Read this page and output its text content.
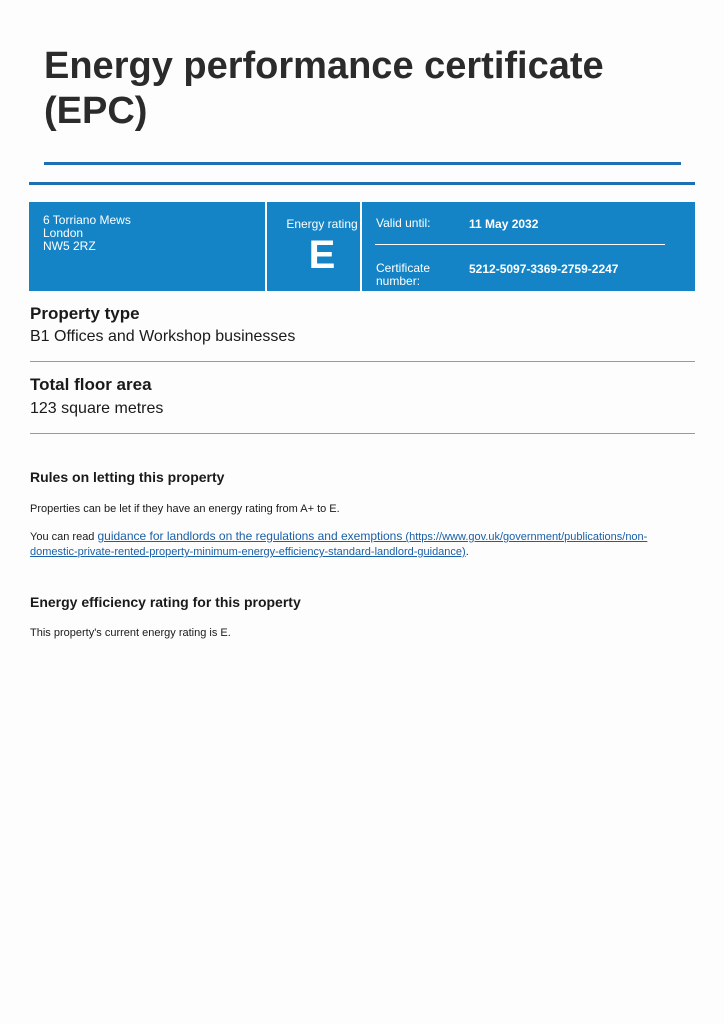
Energy performance certificate
(EPC)
6 Torriano Mews
London
NW5 2RZ
Energy rating
E
Valid until:	11 May 2032
Certificate
number:
5212-5097-3369-2759-2247
Property type

B1 Offices and Workshop businesses

Total floor area

123 square metres

Rules on letting this property

Properties can be let if they have an energy rating from A+ to E.

You can read guidance for landlords on the regulations and exemptions (https://www.gov.uk/government/publications/non-
domestic-private-rented-property-minimum-energy-efficiency-standard-landlord-guidance).

Energy efficiency rating for this property

This property's current energy rating is E.
